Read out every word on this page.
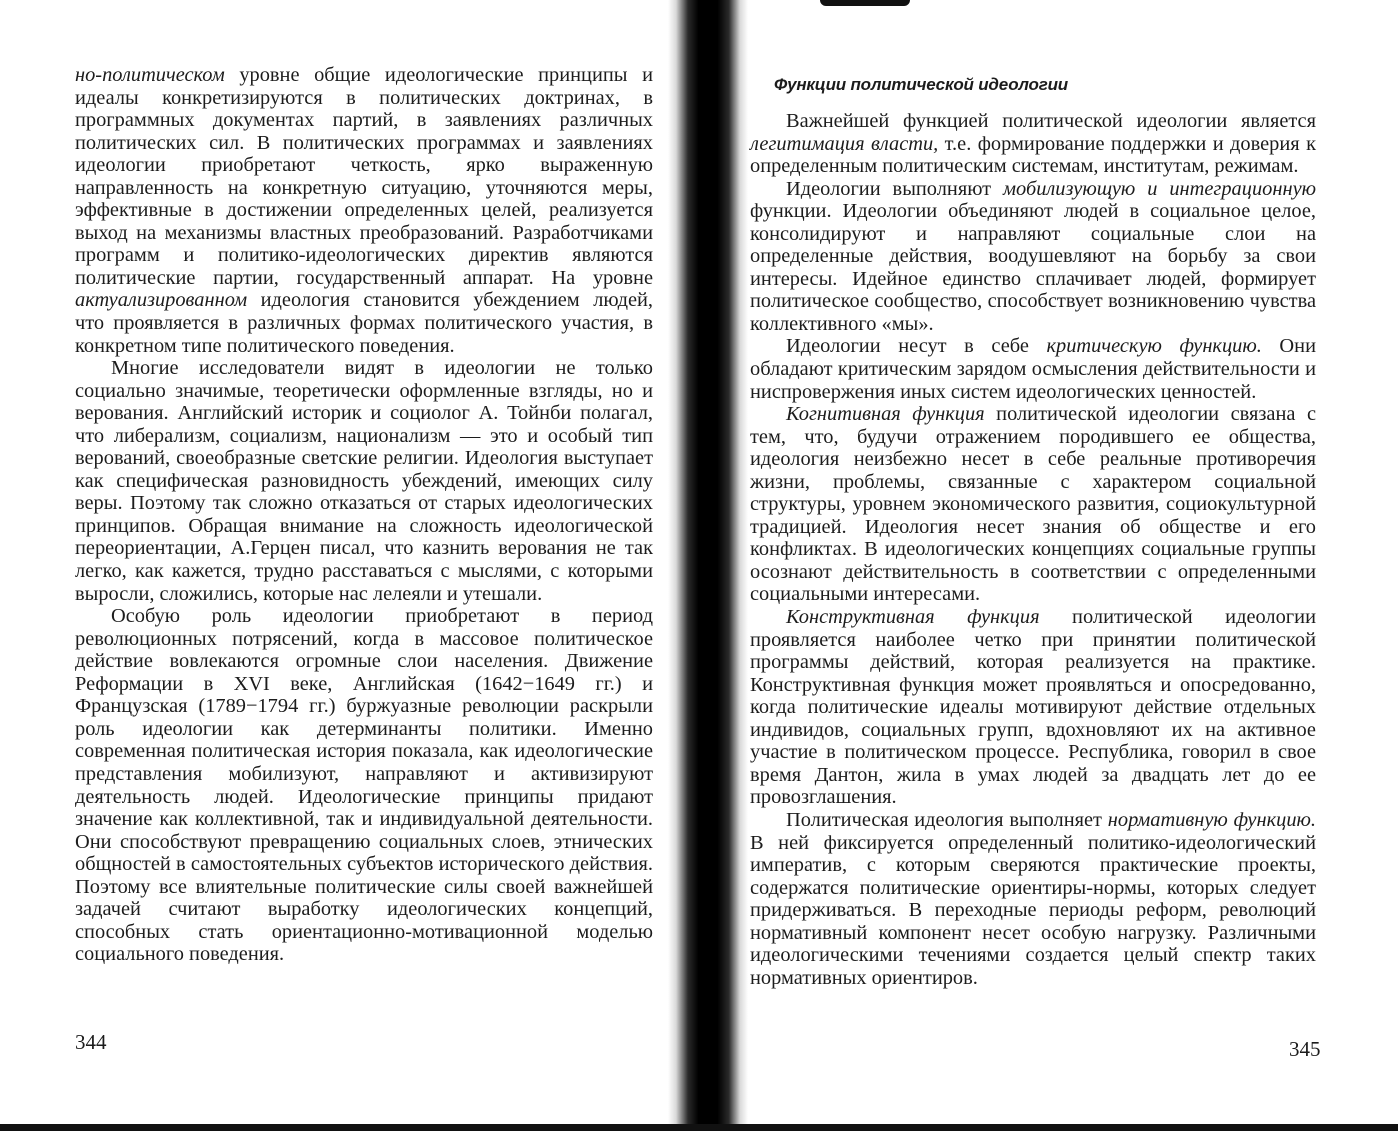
но-политическом уровне общие идеологические принципы и идеалы конкретизируются в политических доктринах, в программных документах партий, в заявлениях различных политических сил. В политических программах и заявлениях идеологии приобретают четкость, ярко выраженную направленность на конкретную ситуацию, уточняются меры, эффективные в достижении определенных целей, реализуется выход на механизмы властных преобразований. Разработчиками программ и политико-идеологических директив являются политические партии, государственный аппарат. На уровне актуализированном идеология становится убеждением людей, что проявляется в различных формах политического участия, в конкретном типе политического поведения.

Многие исследователи видят в идеологии не только социально значимые, теоретически оформленные взгляды, но и верования. Английский историк и социолог А. Тойнби полагал, что либерализм, социализм, национализм — это и особый тип верований, своеобразные светские религии. Идеология выступает как специфическая разновидность убеждений, имеющих силу веры. Поэтому так сложно отказаться от старых идеологических принципов. Обращая внимание на сложность идеологической переориентации, А.Герцен писал, что казнить верования не так легко, как кажется, трудно расставаться с мыслями, с которыми выросли, сложились, которые нас лелеяли и утешали.

Особую роль идеологии приобретают в период революционных потрясений, когда в массовое политическое действие вовлекаются огромные слои населения. Движение Реформации в XVI веке, Английская (1642−1649 гг.) и Французская (1789−1794 гг.) буржуазные революции раскрыли роль идеологии как детерминанты политики. Именно современная политическая история показала, как идеологические представления мобилизуют, направляют и активизируют деятельность людей. Идеологические принципы придают значение как коллективной, так и индивидуальной деятельности. Они способствуют превращению социальных слоев, этнических общностей в самостоятельных субъектов исторического действия. Поэтому все влиятельные политические силы своей важнейшей задачей считают выработку идеологических концепций, способных стать ориентационно-мотивационной моделью социального поведения.

344
Функции политической идеологии

Важнейшей функцией политической идеологии является легитимация власти, т.е. формирование поддержки и доверия к определенным политическим системам, институтам, режимам.

Идеологии выполняют мобилизующую и интеграционную функции. Идеологии объединяют людей в социальное целое, консолидируют и направляют социальные слои на определенные действия, воодушевляют на борьбу за свои интересы. Идейное единство сплачивает людей, формирует политическое сообщество, способствует возникновению чувства коллективного «мы».

Идеологии несут в себе критическую функцию. Они обладают критическим зарядом осмысления действительности и ниспровержения иных систем идеологических ценностей.

Когнитивная функция политической идеологии связана с тем, что, будучи отражением породившего ее общества, идеология неизбежно несет в себе реальные противоречия жизни, проблемы, связанные с характером социальной структуры, уровнем экономического развития, социокультурной традицией. Идеология несет знания об обществе и его конфликтах. В идеологических концепциях социальные группы осознают действительность в соответствии с определенными социальными интересами.

Конструктивная функция политической идеологии проявляется наиболее четко при принятии политической программы действий, которая реализуется на практике. Конструктивная функция может проявляться и опосредованно, когда политические идеалы мотивируют действие отдельных индивидов, социальных групп, вдохновляют их на активное участие в политическом процессе. Республика, говорил в свое время Дантон, жила в умах людей за двадцать лет до ее провозглашения.

Политическая идеология выполняет нормативную функцию. В ней фиксируется определенный политико-идеологический императив, с которым сверяются практические проекты, содержатся политические ориентиры-нормы, которых следует придерживаться. В переходные периоды реформ, революций нормативный компонент несет особую нагрузку. Различными идеологическими течениями создается целый спектр таких нормативных ориентиров.

345
